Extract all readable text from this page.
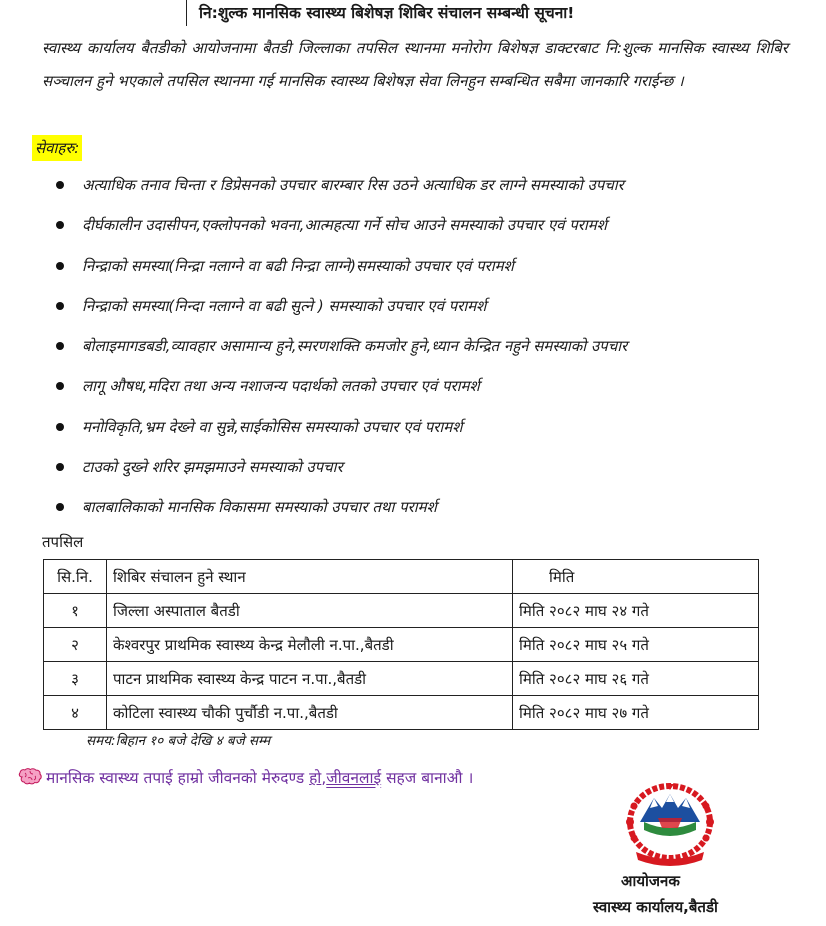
नि:शुल्क मानसिक स्वास्थ्य बिशेषज्ञ शिबिर संचालन सम्बन्धी सूचना!
स्वास्थ्य कार्यालय बैतडीको आयोजनामा बैतडी जिल्लाका तपसिल स्थानमा मनोरोग बिशेषज्ञ डाक्टरबाट नि:शुल्क मानसिक स्वास्थ्य शिबिर सञ्चालन हुने भएकाले तपसिल स्थानमा गई मानसिक स्वास्थ्य बिशेषज्ञ सेवा लिनहुन सम्बन्धित सबैमा जानकारि गराईन्छ ।
सेवाहरु:
अत्याधिक तनाव चिन्ता र डिप्रेसनको उपचार बारम्बार रिस उठने अत्याधिक डर लाग्ने समस्याको उपचार
दीर्घकालीन उदासीपन,एक्लोपनको भवना,आत्महत्या गर्ने सोच आउने समस्याको उपचार एवं परामर्श
निन्द्राको समस्या(निन्द्रा नलाग्ने वा बढी निन्द्रा लाग्ने)समस्याको उपचार एवं परामर्श
निन्द्राको समस्या(निन्दा नलाग्ने वा बढी सुत्ने ) समस्याको उपचार एवं परामर्श
बोलाइमागडबडी,व्यावहार असामान्य हुने,स्मरणशक्ति कमजोर हुने,ध्यान केन्द्रित नहुने समस्याको उपचार
लागू औषध,मदिरा तथा अन्य नशाजन्य पदार्थको लतको उपचार एवं परामर्श
मनोविकृति,भ्रम देख्ने वा सुन्ने,साईकोसिस समस्याको उपचार एवं परामर्श
टाउको दुख्ने शरिर झमझमाउने समस्याको उपचार
बालबालिकाको मानसिक विकासमा समस्याको उपचार तथा परामर्श
तपसिल
सि.नि.	शिबिर संचालन हुने स्थान	मिति
१	जिल्ला अस्पाताल बैतडी	मिति २०८२ माघ २४ गते
२	केश्वरपुर प्राथमिक स्वास्थ्य केन्द्र मेलौली न.पा.,बैतडी	मिति २०८२ माघ २५ गते
३	पाटन प्राथमिक स्वास्थ्य केन्द्र पाटन न.पा.,बैतडी	मिति २०८२ माघ २६ गते
४	कोटिला स्वास्थ्य चौकी पुर्चौडी न.पा.,बैतडी	मिति २०८२ माघ २७ गते
समय:बिहान १० बजे देखि ४ बजे सम्म
मानसिक स्वास्थ्य तपाई हाम्रो जीवनको मेरुदण्ड हो,जीवनलाई सहज बानाऔ ।
आयोजनक
स्वास्थ्य कार्यालय,बैतडी
